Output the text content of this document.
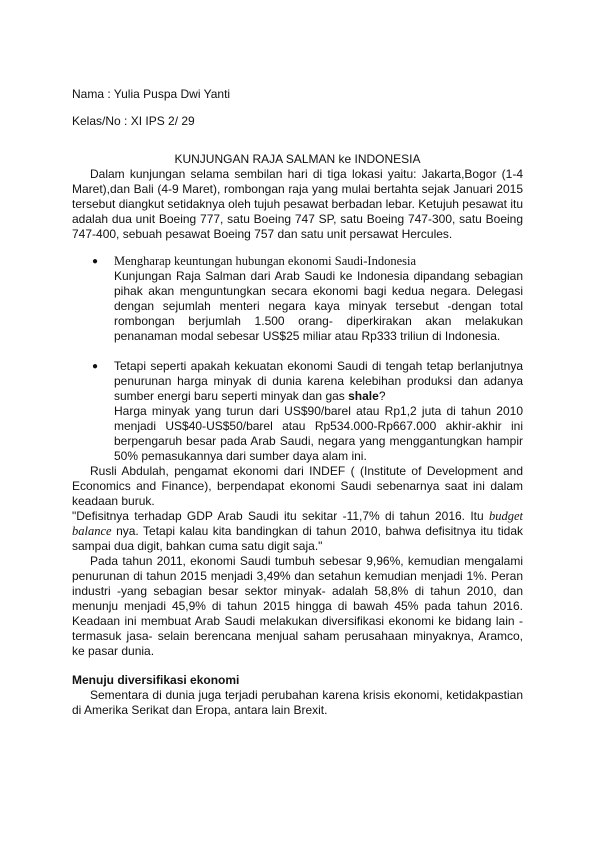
Nama : Yulia Puspa Dwi Yanti

Kelas/No : XI IPS 2/ 29

KUNJUNGAN RAJA SALMAN ke INDONESIA

Dalam kunjungan selama sembilan hari di tiga lokasi yaitu: Jakarta,Bogor (1-4 Maret),dan Bali (4-9 Maret), rombongan raja yang mulai bertahta sejak Januari 2015 tersebut diangkut setidaknya oleh tujuh pesawat berbadan lebar. Ketujuh pesawat itu adalah dua unit Boeing 777, satu Boeing 747 SP, satu Boeing 747-300, satu Boeing 747-400, sebuah pesawat Boeing 757 dan satu unit persawat Hercules.

● Mengharap keuntungan hubungan ekonomi Saudi-Indonesia

Kunjungan Raja Salman dari Arab Saudi ke Indonesia dipandang sebagian pihak akan menguntungkan secara ekonomi bagi kedua negara. Delegasi dengan sejumlah menteri negara kaya minyak tersebut -dengan total rombongan berjumlah 1.500 orang- diperkirakan akan melakukan penanaman modal sebesar US$25 miliar atau Rp333 triliun di Indonesia.

● Tetapi seperti apakah kekuatan ekonomi Saudi di tengah tetap berlanjutnya penurunan harga minyak di dunia karena kelebihan produksi dan adanya sumber energi baru seperti minyak dan gas shale?

Harga minyak yang turun dari US$90/barel atau Rp1,2 juta di tahun 2010 menjadi US$40-US$50/barel atau Rp534.000-Rp667.000 akhir-akhir ini berpengaruh besar pada Arab Saudi, negara yang menggantungkan hampir 50% pemasukannya dari sumber daya alam ini.

Rusli Abdulah, pengamat ekonomi dari INDEF ( (Institute of Development and Economics and Finance), berpendapat ekonomi Saudi sebenarnya saat ini dalam keadaan buruk.

"Defisitnya terhadap GDP Arab Saudi itu sekitar -11,7% di tahun 2016. Itu budget balance nya. Tetapi kalau kita bandingkan di tahun 2010, bahwa defisitnya itu tidak sampai dua digit, bahkan cuma satu digit saja."

Pada tahun 2011, ekonomi Saudi tumbuh sebesar 9,96%, kemudian mengalami penurunan di tahun 2015 menjadi 3,49% dan setahun kemudian menjadi 1%. Peran industri -yang sebagian besar sektor minyak- adalah 58,8% di tahun 2010, dan menunju menjadi 45,9% di tahun 2015 hingga di bawah 45% pada tahun 2016. Keadaan ini membuat Arab Saudi melakukan diversifikasi ekonomi ke bidang lain -termasuk jasa- selain berencana menjual saham perusahaan minyaknya, Aramco, ke pasar dunia.

Menuju diversifikasi ekonomi

Sementara di dunia juga terjadi perubahan karena krisis ekonomi, ketidakpastian di Amerika Serikat dan Eropa, antara lain Brexit.
